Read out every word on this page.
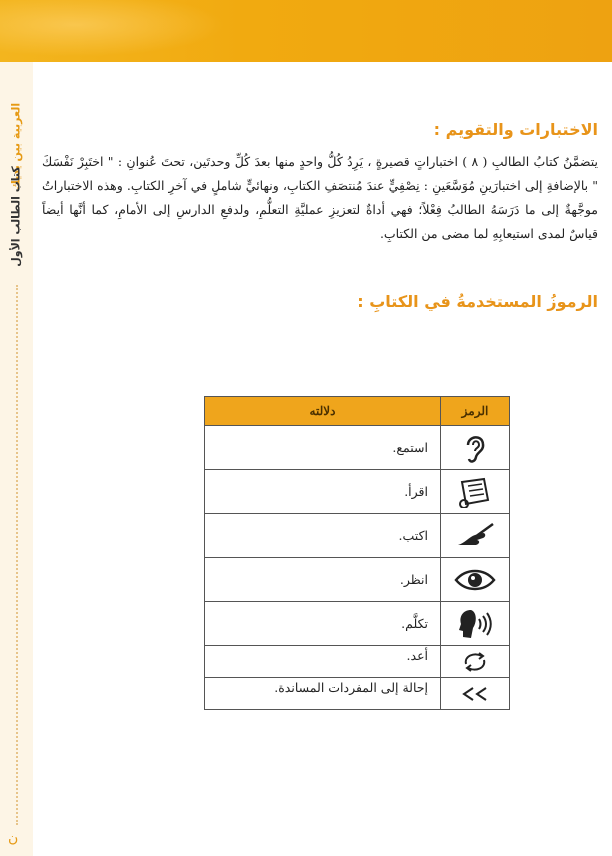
العربية بين يديك
كتاب الطالب الأول
ن
الاختبارات والتقويم :
يتضمَّنُ كتابُ الطالبِ ( ٨ ) اختباراتٍ قصيرةٍ ، يَرِدُ كُلُّ واحدٍ منها بعدَ كُلِّ وحدتَين، تحتَ عُنوانِ : " اختَبِرْ نَفْسَكَ " بالإضافةِ إلى اختبارَينِ مُوَسَّعَينِ : نِصْفِيٍّ عندَ مُنتصَفِ الكتابِ، ونهائيٍّ شاملٍ في آخرِ الكتابِ. وهذه الاختباراتُ موجَّهةٌ إلى ما دَرَسَهُ الطالبُ فِعْلاً؛ فهي أداةٌ لتعزيزِ عمليَّةِ التعلُّمِ، ولدفعِ الدارسِ إلى الأمامِ، كما أنَّها أيضاً قياسٌ لمدى استيعابِهِ لما مضى من الكتابِ.
الرموزُ المستخدمةُ في الكتابِ :
الرمز	دلالته

	استمع.

	اقرأ.

	اكتب.

	انظر.

	تكلَّم.

	أعد.

	إحالة إلى المفردات المساندة.
